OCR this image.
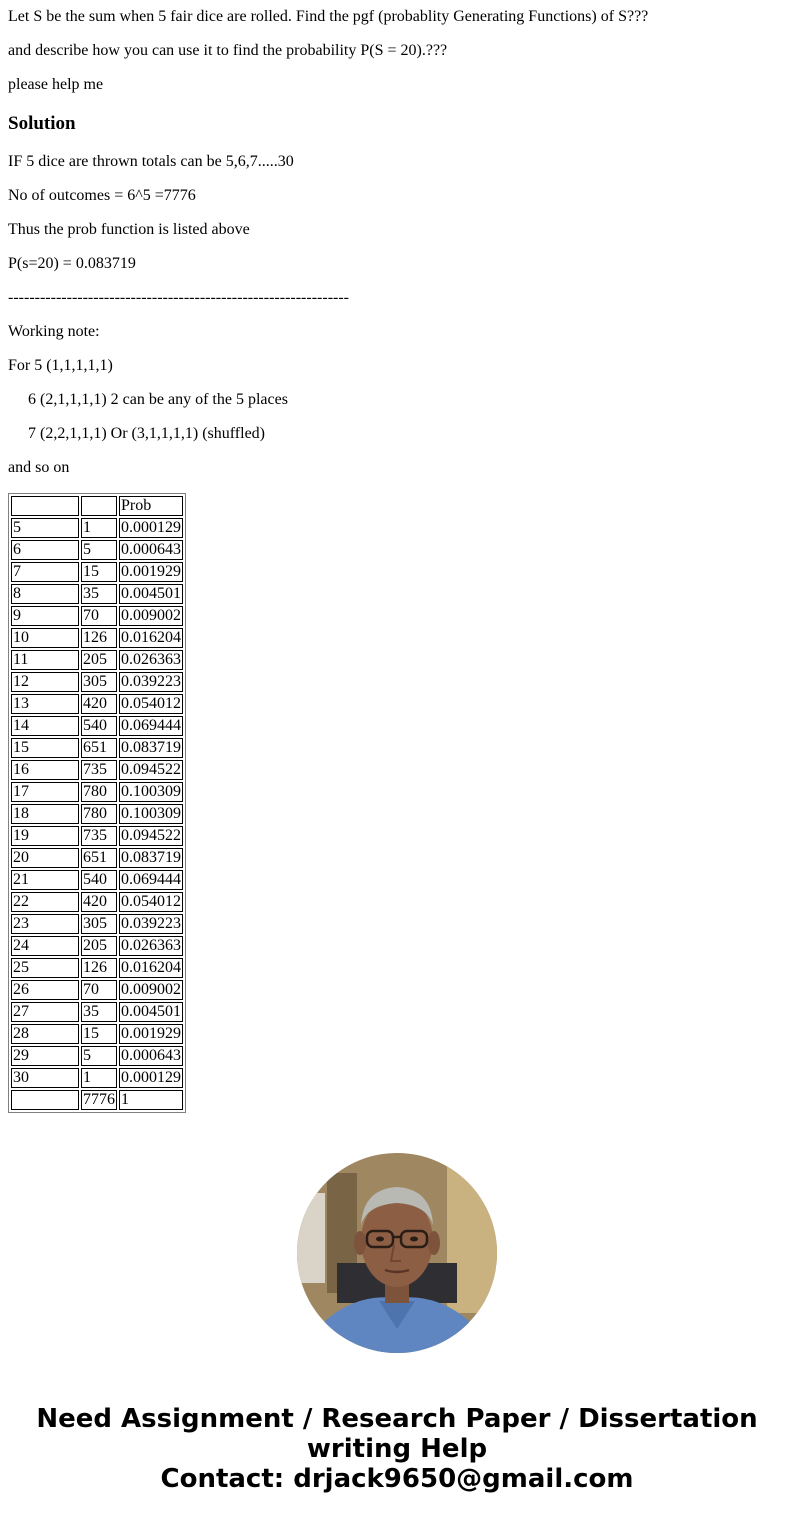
Let S be the sum when 5 fair dice are rolled. Find the pgf (probablity Generating Functions) of S???

and describe how you can use it to find the probability P(S = 20).???

please help me

Solution

IF 5 dice are thrown totals can be 5,6,7.....30

No of outcomes = 6^5 =7776

Thus the prob function is listed above

P(s=20) = 0.083719

----------------------------------------------------------------

Working note:

For 5 (1,1,1,1,1)

6 (2,1,1,1,1) 2 can be any of the 5 places

7 (2,2,1,1,1) Or (3,1,1,1,1) (shuffled)

and so on

		Prob
5	1	0.000129
6	5	0.000643
7	15	0.001929
8	35	0.004501
9	70	0.009002
10	126	0.016204
11	205	0.026363
12	305	0.039223
13	420	0.054012
14	540	0.069444
15	651	0.083719
16	735	0.094522
17	780	0.100309
18	780	0.100309
19	735	0.094522
20	651	0.083719
21	540	0.069444
22	420	0.054012
23	305	0.039223
24	205	0.026363
25	126	0.016204
26	70	0.009002
27	35	0.004501
28	15	0.001929
29	5	0.000643
30	1	0.000129
	7776	1
Need Assignment / Research Paper / Dissertation
writing Help
Contact: drjack9650@gmail.com
